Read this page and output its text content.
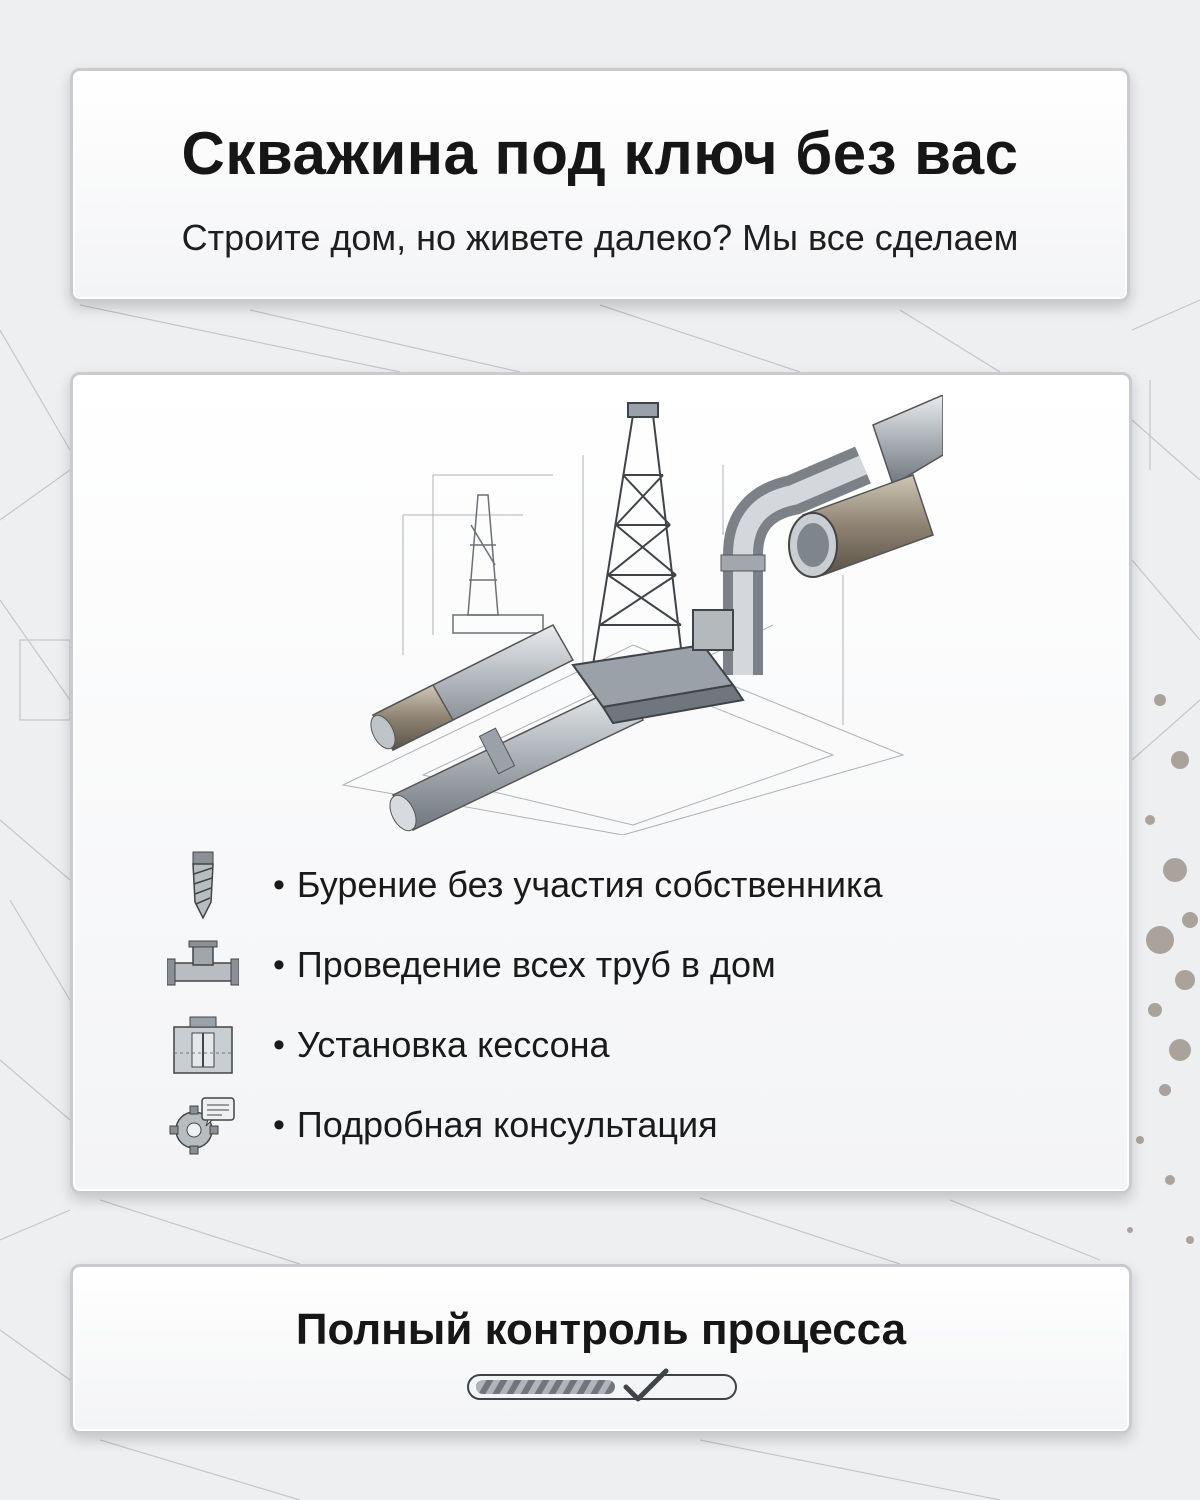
Скважина под ключ без вас
Строите дом, но живете далеко? Мы все сделаем
• Бурение без участия собственника
• Проведение всех труб в дом
• Установка кессона
• Подробная консультация
Полный контроль процесса
